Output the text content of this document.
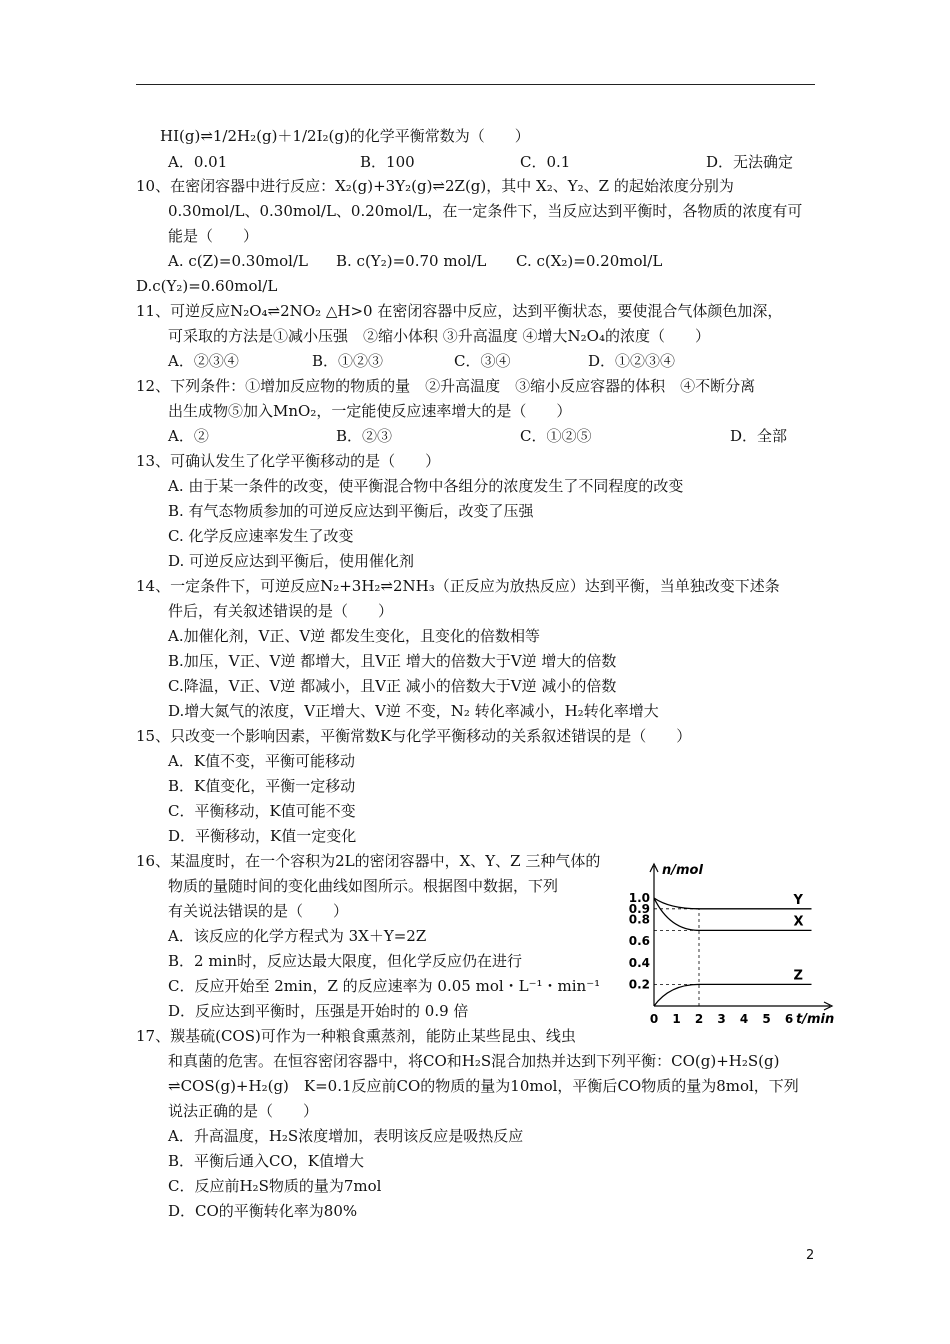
HI(g)⇌1/2H₂(g)＋1/2I₂(g)的化学平衡常数为（　　）
A．0.01	B．100	C．0.1	D．无法确定
10、在密闭容器中进行反应：X₂(g)+3Y₂(g)⇌2Z(g)，其中 X₂、Y₂、Z 的起始浓度分别为
0.30mol/L、0.30mol/L、0.20mol/L，在一定条件下，当反应达到平衡时，各物质的浓度有可
能是（　　）
A. c(Z)=0.30mol/L B. c(Y₂)=0.70 mol/L C. c(X₂)=0.20mol/L
D.c(Y₂)=0.60mol/L
11、可逆反应N₂O₄⇌2NO₂ △H>0 在密闭容器中反应，达到平衡状态，要使混合气体颜色加深，
可采取的方法是①减小压强　②缩小体积 ③升高温度 ④增大N₂O₄的浓度（　　）
A．②③④	B．①②③	C．③④	D．①②③④
12、下列条件：①增加反应物的物质的量　②升高温度　③缩小反应容器的体积　④不断分离
出生成物⑤加入MnO₂，一定能使反应速率增大的是（　　）
A．②	B．②③	C．①②⑤	D．全部
13、可确认发生了化学平衡移动的是（　　）
A. 由于某一条件的改变，使平衡混合物中各组分的浓度发生了不同程度的改变
B. 有气态物质参加的可逆反应达到平衡后，改变了压强
C. 化学反应速率发生了改变
D. 可逆反应达到平衡后，使用催化剂
14、一定条件下，可逆反应N₂+3H₂⇌2NH₃（正反应为放热反应）达到平衡，当单独改变下述条
件后，有关叙述错误的是（　　）
A.加催化剂，V正、V逆 都发生变化，且变化的倍数相等
B.加压，V正、V逆 都增大，且V正 增大的倍数大于V逆 增大的倍数
C.降温，V正、V逆 都减小，且V正 减小的倍数大于V逆 减小的倍数
D.增大氮气的浓度，V正增大、V逆 不变，N₂ 转化率减小，H₂转化率增大
15、只改变一个影响因素，平衡常数K与化学平衡移动的关系叙述错误的是（　　）
A．K值不变，平衡可能移动
B．K值变化，平衡一定移动
C．平衡移动，K值可能不变
D．平衡移动，K值一定变化
16、某温度时，在一个容积为2L的密闭容器中，X、Y、Z 三种气体的
物质的量随时间的变化曲线如图所示。根据图中数据，下列
有关说法错误的是（　　）
A．该反应的化学方程式为 3X＋Y=2Z
B．2 min时，反应达最大限度，但化学反应仍在进行
C．反应开始至 2min，Z 的反应速率为 0.05 mol・L⁻¹・min⁻¹
D．反应达到平衡时，压强是开始时的 0.9 倍
n/mol
t/min
1.0
0.9
0.8
0.6
0.4
0.2
0 1 2 3 4 5 6
Y
X
Z
17、羰基硫(COS)可作为一种粮食熏蒸剂，能防止某些昆虫、线虫
和真菌的危害。在恒容密闭容器中，将CO和H₂S混合加热并达到下列平衡：CO(g)+H₂S(g)
⇌COS(g)+H₂(g)　K=0.1反应前CO的物质的量为10mol，平衡后CO物质的量为8mol，下列
说法正确的是（　　）
A．升高温度，H₂S浓度增加，表明该反应是吸热反应
B．平衡后通入CO，K值增大
C．反应前H₂S物质的量为7mol
D．CO的平衡转化率为80%
2
